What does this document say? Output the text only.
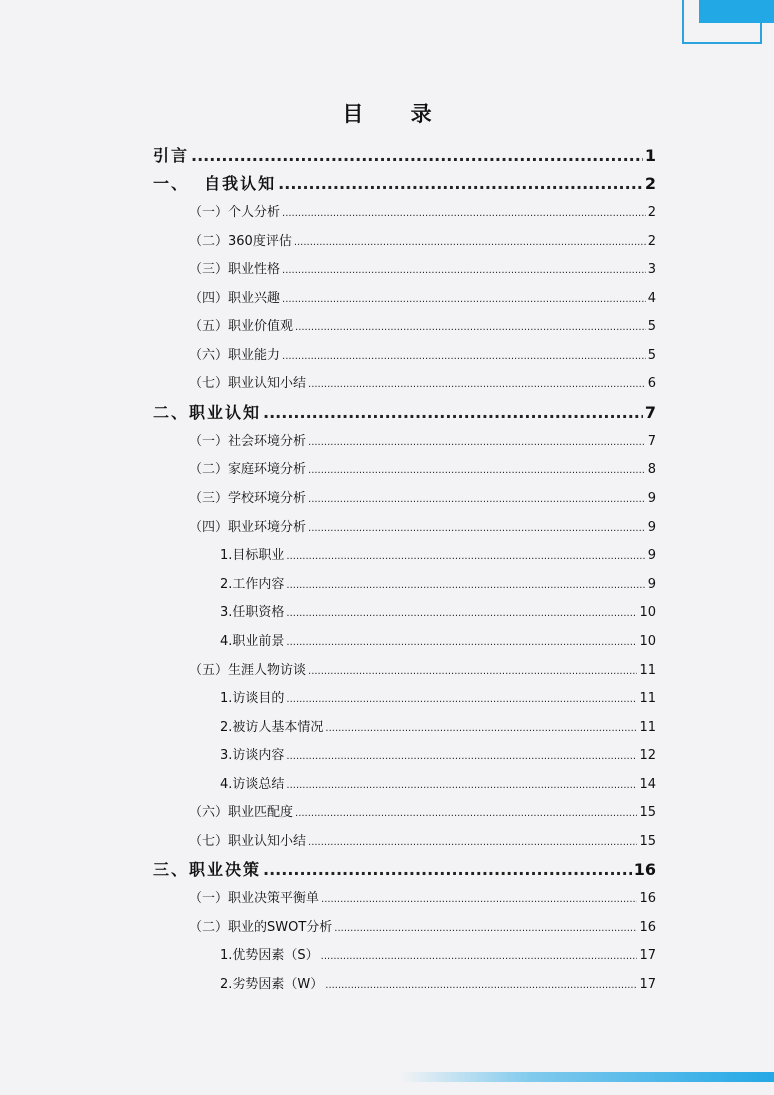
目 录
引言 .....	1
一、  自我认知 .....	2
（一）个人分析 .....	2
（二）360度评估 .....	2
（三）职业性格 .....	3
（四）职业兴趣 .....	4
（五）职业价值观 .....	5
（六）职业能力 .....	5
（七）职业认知小结 .....	6
二、职业认知 .....	7
（一）社会环境分析 .....	7
（二）家庭环境分析 .....	8
（三）学校环境分析 .....	9
（四）职业环境分析 .....	9
1.目标职业 .....	9
2.工作内容 .....	9
3.任职资格 .....	10
4.职业前景 .....	10
（五）生涯人物访谈 .....	11
1.访谈目的 .....	11
2.被访人基本情况 .....	11
3.访谈内容 .....	12
4.访谈总结 .....	14
（六）职业匹配度 .....	15
（七）职业认知小结 .....	15
三、职业决策 .....	16
（一）职业决策平衡单 .....	16
（二）职业的SWOT分析 .....	16
1.优势因素（S） .....	17
2.劣势因素（W） .....	17
